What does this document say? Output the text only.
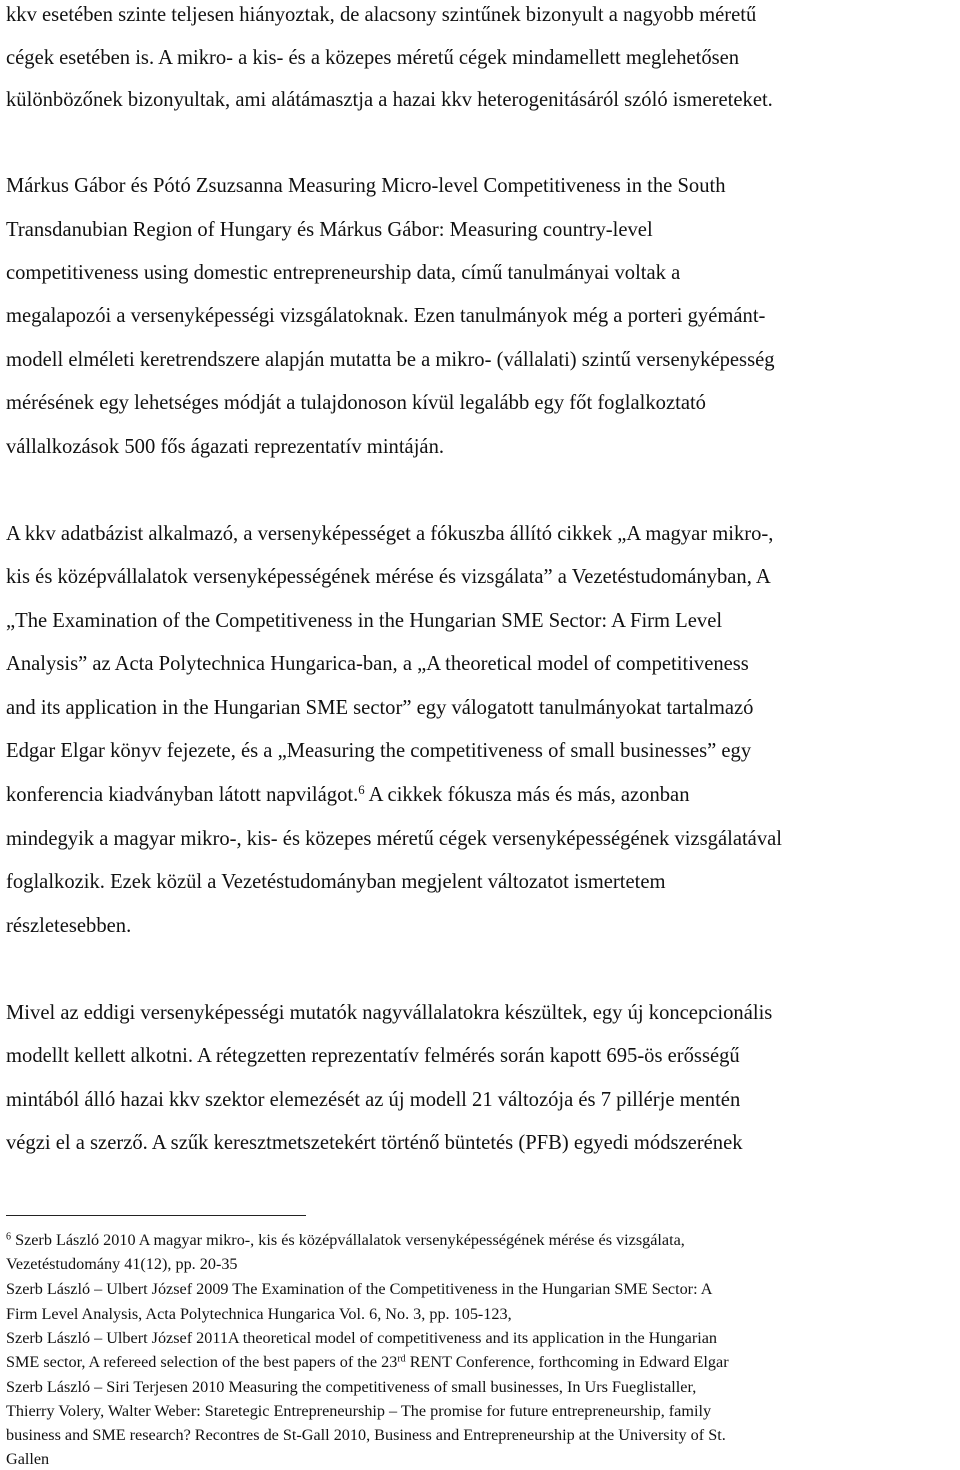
kkv esetében szinte teljesen hiányoztak, de alacsony szintűnek bizonyult a nagyobb méretű
cégek esetében is. A mikro- a kis- és a közepes méretű cégek mindamellett meglehetősen
különbözőnek bizonyultak, ami alátámasztja a hazai kkv heterogenitásáról szóló ismereteket.
Márkus Gábor és Pótó Zsuzsanna Measuring Micro-level Competitiveness in the South
Transdanubian Region of Hungary és Márkus Gábor: Measuring country-level
competitiveness using domestic entrepreneurship data, című tanulmányai voltak a
megalapozói a versenyképességi vizsgálatoknak. Ezen tanulmányok még a porteri gyémánt-
modell elméleti keretrendszere alapján mutatta be a mikro- (vállalati) szintű versenyképesség
mérésének egy lehetséges módját a tulajdonoson kívül legalább egy főt foglalkoztató
vállalkozások 500 fős ágazati reprezentatív mintáján.
A kkv adatbázist alkalmazó, a versenyképességet a fókuszba állító cikkek „A magyar mikro-,
kis és középvállalatok versenyképességének mérése és vizsgálata” a Vezetéstudományban, A
„The Examination of the Competitiveness in the Hungarian SME Sector: A Firm Level
Analysis” az Acta Polytechnica Hungarica-ban, a „A theoretical model of competitiveness
and its application in the Hungarian SME sector” egy válogatott tanulmányokat tartalmazó
Edgar Elgar könyv fejezete, és a „Measuring the competitiveness of small businesses” egy
konferencia kiadványban látott napvilágot.$^6$ A cikkek fókusza más és más, azonban
mindegyik a magyar mikro-, kis- és közepes méretű cégek versenyképességének vizsgálatával
foglalkozik. Ezek közül a Vezetéstudományban megjelent változatot ismertetem
részletesebben.
Mivel az eddigi versenyképességi mutatók nagyvállalatokra készültek, egy új koncepcionális
modellt kellett alkotni. A rétegzetten reprezentatív felmérés során kapott 695-ös erősségű
mintából álló hazai kkv szektor elemezését az új modell 21 változója és 7 pillérje mentén
végzi el a szerző. A szűk keresztmetszetekért történő büntetés (PFB) egyedi módszerének
$^6$ Szerb László 2010 A magyar mikro-, kis és középvállalatok versenyképességének mérése és vizsgálata,
Vezetéstudomány 41(12), pp. 20-35
Szerb László – Ulbert József 2009 The Examination of the Competitiveness in the Hungarian SME Sector: A
Firm Level Analysis, Acta Polytechnica Hungarica Vol. 6, No. 3, pp. 105-123,
Szerb László – Ulbert József 2011A theoretical model of competitiveness and its application in the Hungarian
SME sector, A refereed selection of the best papers of the 23rd RENT Conference, forthcoming in Edward Elgar
Szerb László – Siri Terjesen 2010 Measuring the competitiveness of small businesses, In Urs Fueglistaller,
Thierry Volery, Walter Weber: Staretegic Entrepreneurship – The promise for future entrepreneurship, family
business and SME research? Recontres de St-Gall 2010, Business and Entrepreneurship at the University of St.
Gallen
